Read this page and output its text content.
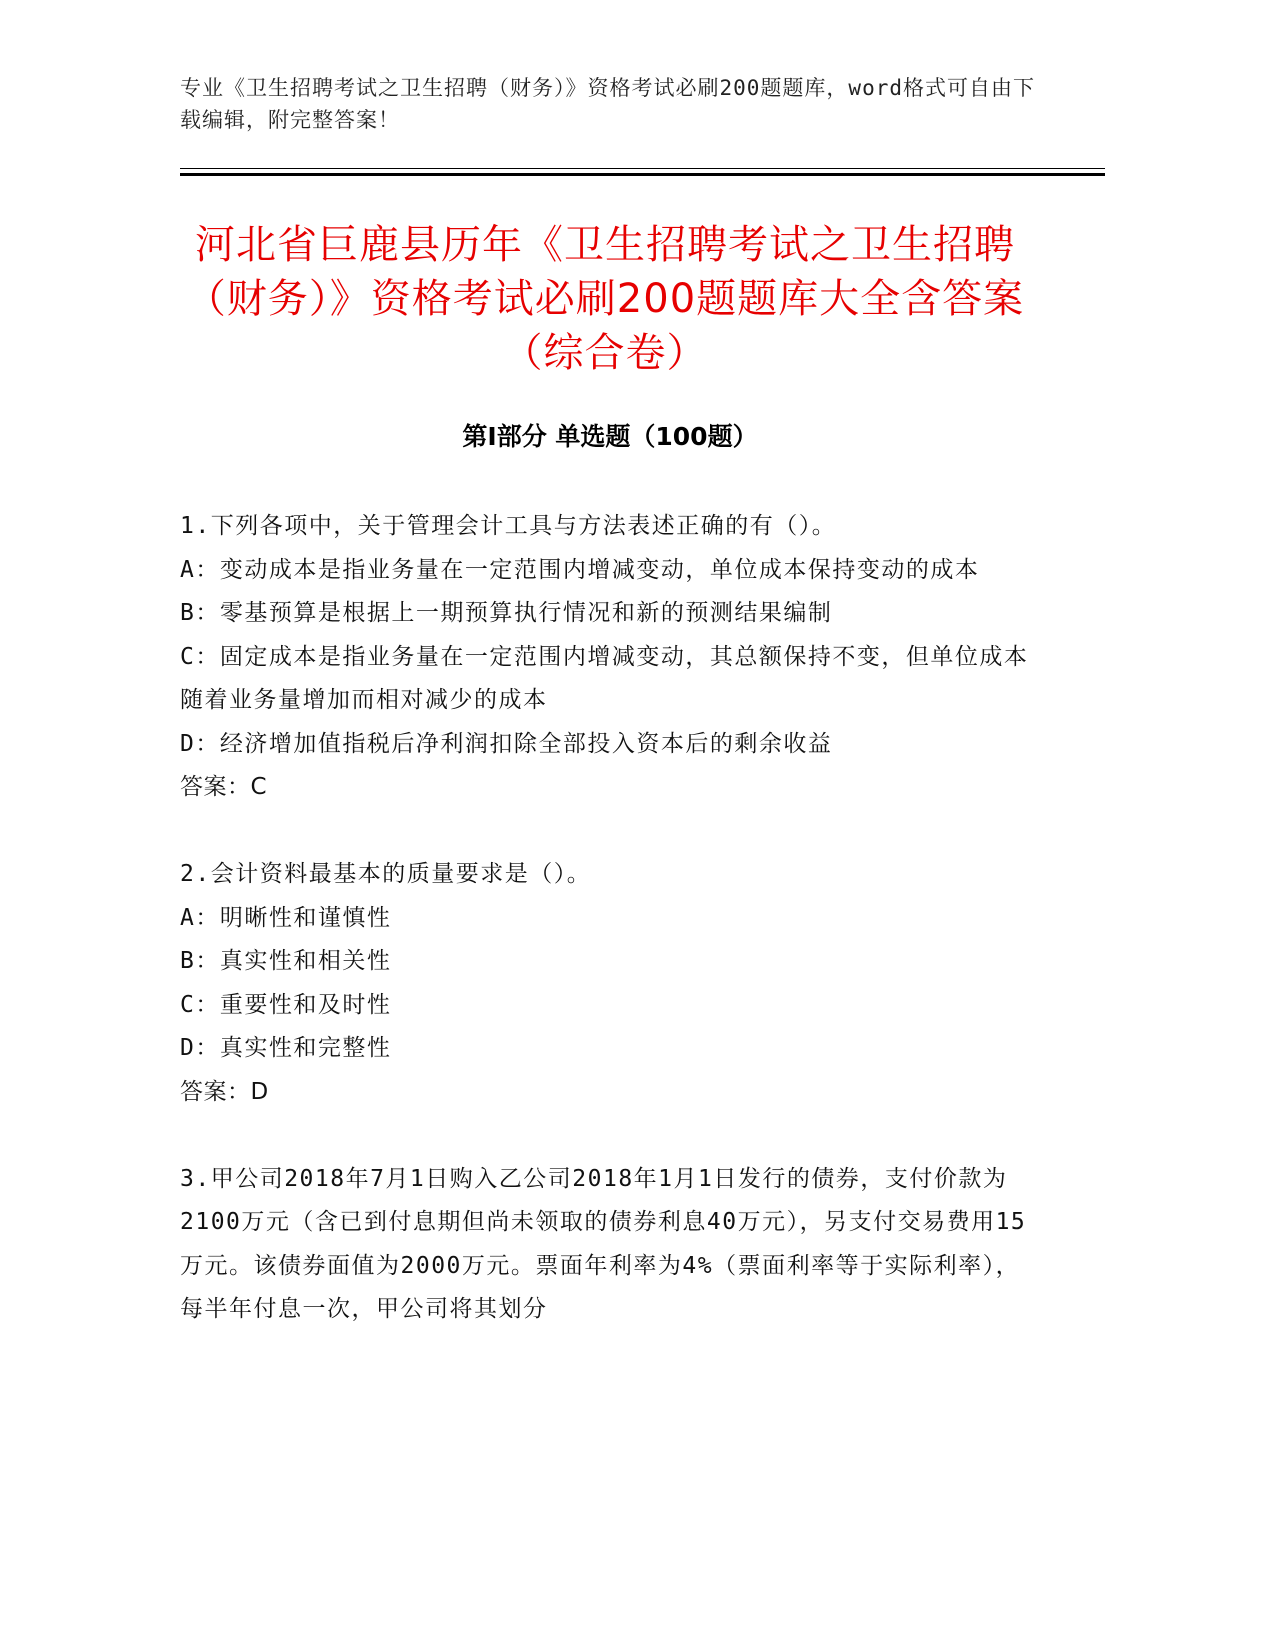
专业《卫生招聘考试之卫生招聘（财务）》资格考试必刷200题题库，word格式可自由下载编辑，附完整答案！
河北省巨鹿县历年《卫生招聘考试之卫生招聘（财务）》资格考试必刷200题题库大全含答案（综合卷）
第I部分 单选题（100题）
1.下列各项中，关于管理会计工具与方法表述正确的有（）。
A：变动成本是指业务量在一定范围内增减变动，单位成本保持变动的成本
B：零基预算是根据上一期预算执行情况和新的预测结果编制
C：固定成本是指业务量在一定范围内增减变动，其总额保持不变，但单位成本随着业务量增加而相对减少的成本
D：经济增加值指税后净利润扣除全部投入资本后的剩余收益
答案：C
2.会计资料最基本的质量要求是（）。
A：明晰性和谨慎性
B：真实性和相关性
C：重要性和及时性
D：真实性和完整性
答案：D
3.甲公司2018年7月1日购入乙公司2018年1月1日发行的债券，支付价款为2100万元（含已到付息期但尚未领取的债券利息40万元），另支付交易费用15万元。该债券面值为2000万元。票面年利率为4%（票面利率等于实际利率），每半年付息一次，甲公司将其划分
